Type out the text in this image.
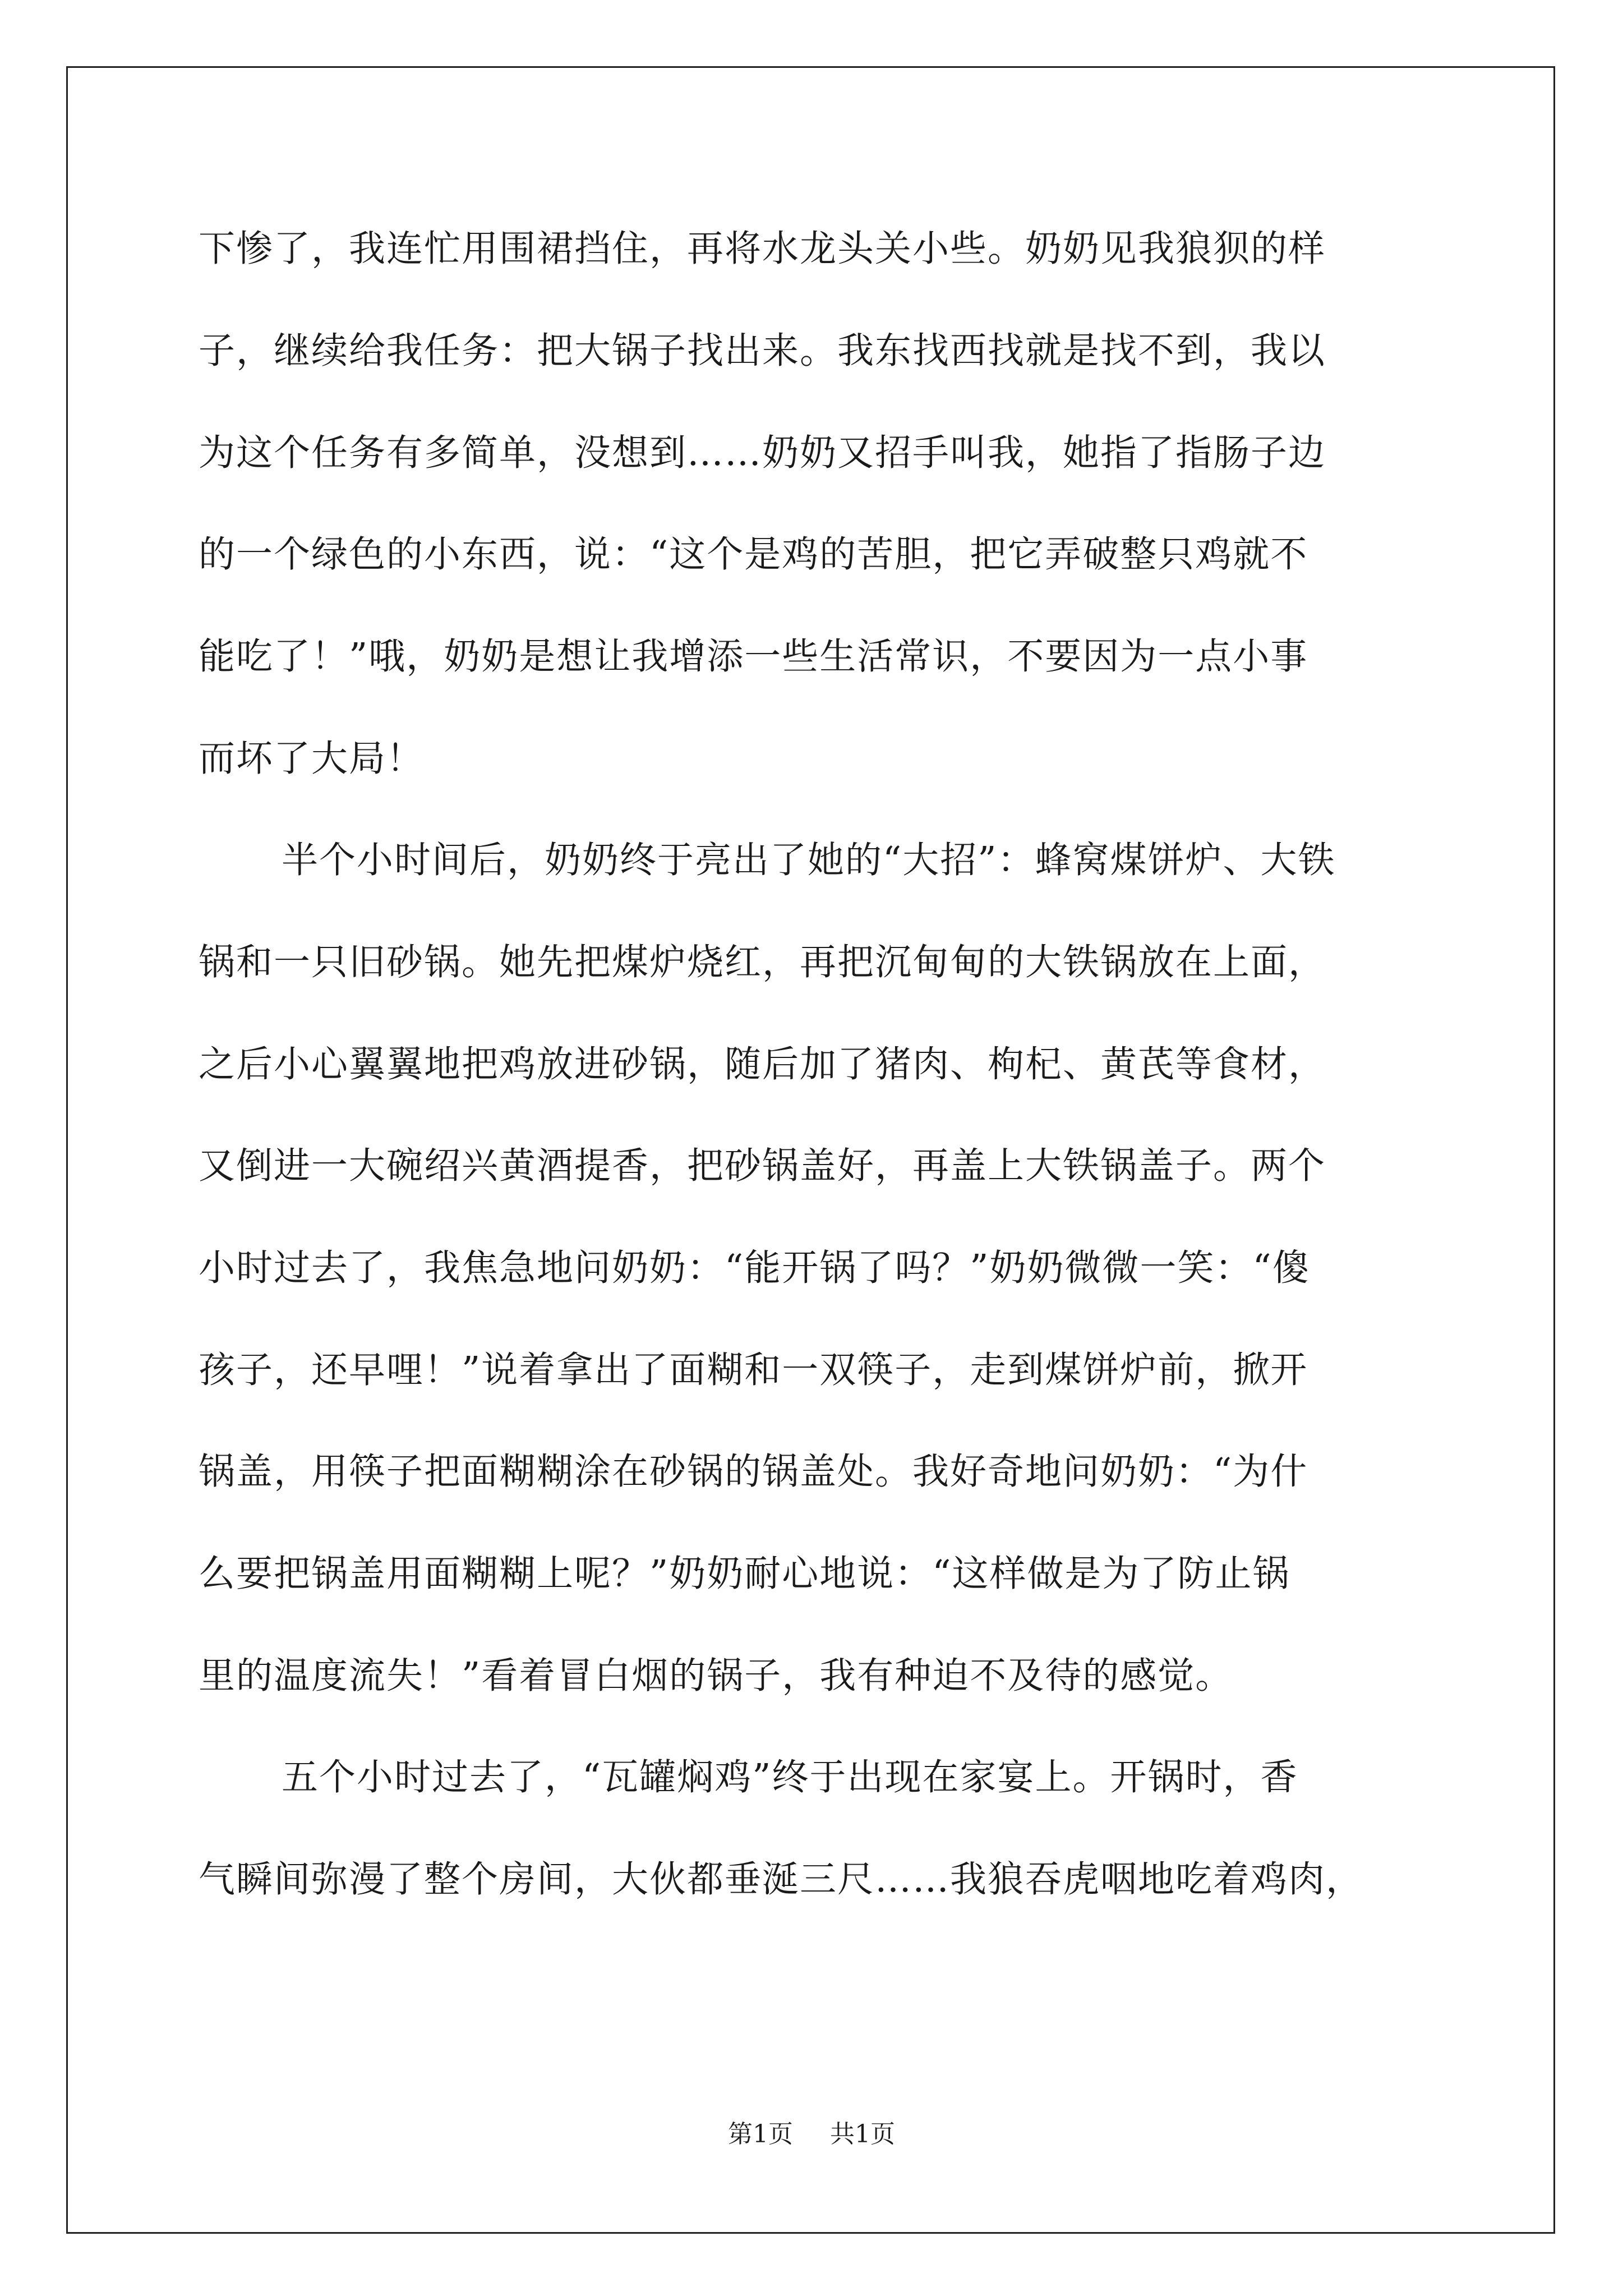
下惨了，我连忙用围裙挡住，再将水龙头关小些。奶奶见我狼狈的样
子，继续给我任务：把大锅子找出来。我东找西找就是找不到，我以
为这个任务有多简单，没想到……奶奶又招手叫我，她指了指肠子边
的一个绿色的小东西，说：“这个是鸡的苦胆，把它弄破整只鸡就不
能吃了！”哦，奶奶是想让我增添一些生活常识，不要因为一点小事
而坏了大局！
半个小时间后，奶奶终于亮出了她的“大招”：蜂窝煤饼炉、大铁
锅和一只旧砂锅。她先把煤炉烧红，再把沉甸甸的大铁锅放在上面，
之后小心翼翼地把鸡放进砂锅，随后加了猪肉、枸杞、黄芪等食材，
又倒进一大碗绍兴黄酒提香，把砂锅盖好，再盖上大铁锅盖子。两个
小时过去了，我焦急地问奶奶：“能开锅了吗？”奶奶微微一笑：“傻
孩子，还早哩！”说着拿出了面糊和一双筷子，走到煤饼炉前，掀开
锅盖，用筷子把面糊糊涂在砂锅的锅盖处。我好奇地问奶奶：“为什
么要把锅盖用面糊糊上呢？”奶奶耐心地说：“这样做是为了防止锅
里的温度流失！”看着冒白烟的锅子，我有种迫不及待的感觉。
五个小时过去了，“瓦罐焖鸡”终于出现在家宴上。开锅时，香
气瞬间弥漫了整个房间，大伙都垂涎三尺……我狼吞虎咽地吃着鸡肉，
第1页 共1页
